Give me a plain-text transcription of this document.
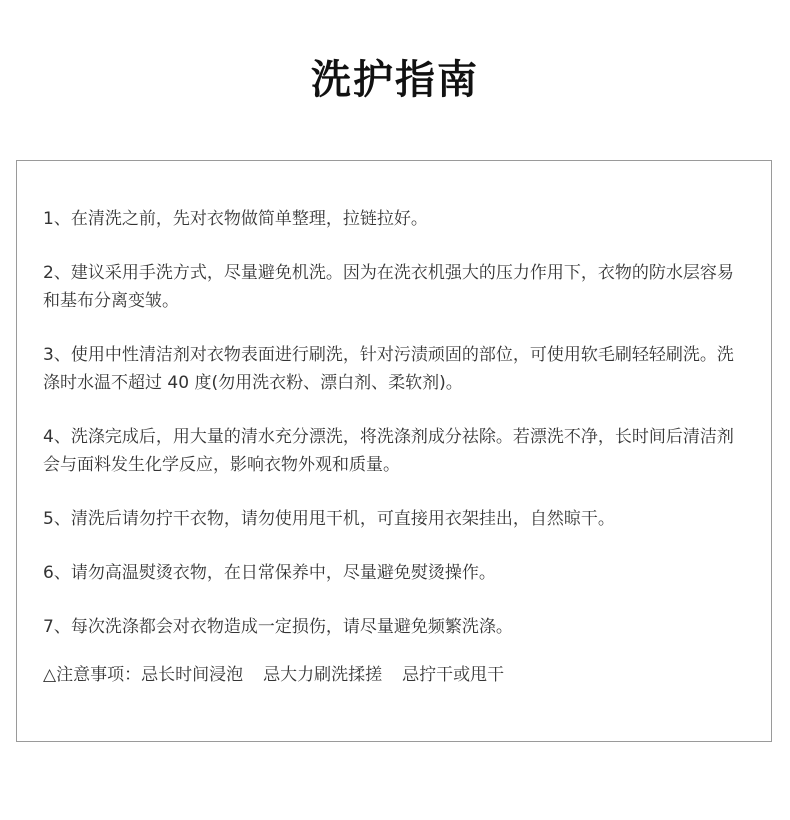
洗护指南
1、在清洗之前，先对衣物做简单整理，拉链拉好。
2、建议采用手洗方式，尽量避免机洗。因为在洗衣机强大的压力作用下，衣物的防水层容易和基布分离变皱。
3、使用中性清洁剂对衣物表面进行刷洗，针对污渍顽固的部位，可使用软毛刷轻轻刷洗。洗涤时水温不超过 40 度(勿用洗衣粉、漂白剂、柔软剂)。
4、洗涤完成后，用大量的清水充分漂洗，将洗涤剂成分祛除。若漂洗不净，长时间后清洁剂会与面料发生化学反应，影响衣物外观和质量。
5、清洗后请勿拧干衣物，请勿使用甩干机，可直接用衣架挂出，自然晾干。
6、请勿高温熨烫衣物，在日常保养中，尽量避免熨烫操作。
7、每次洗涤都会对衣物造成一定损伤，请尽量避免频繁洗涤。

△注意事项：忌长时间浸泡 忌大力刷洗揉搓 忌拧干或甩干
